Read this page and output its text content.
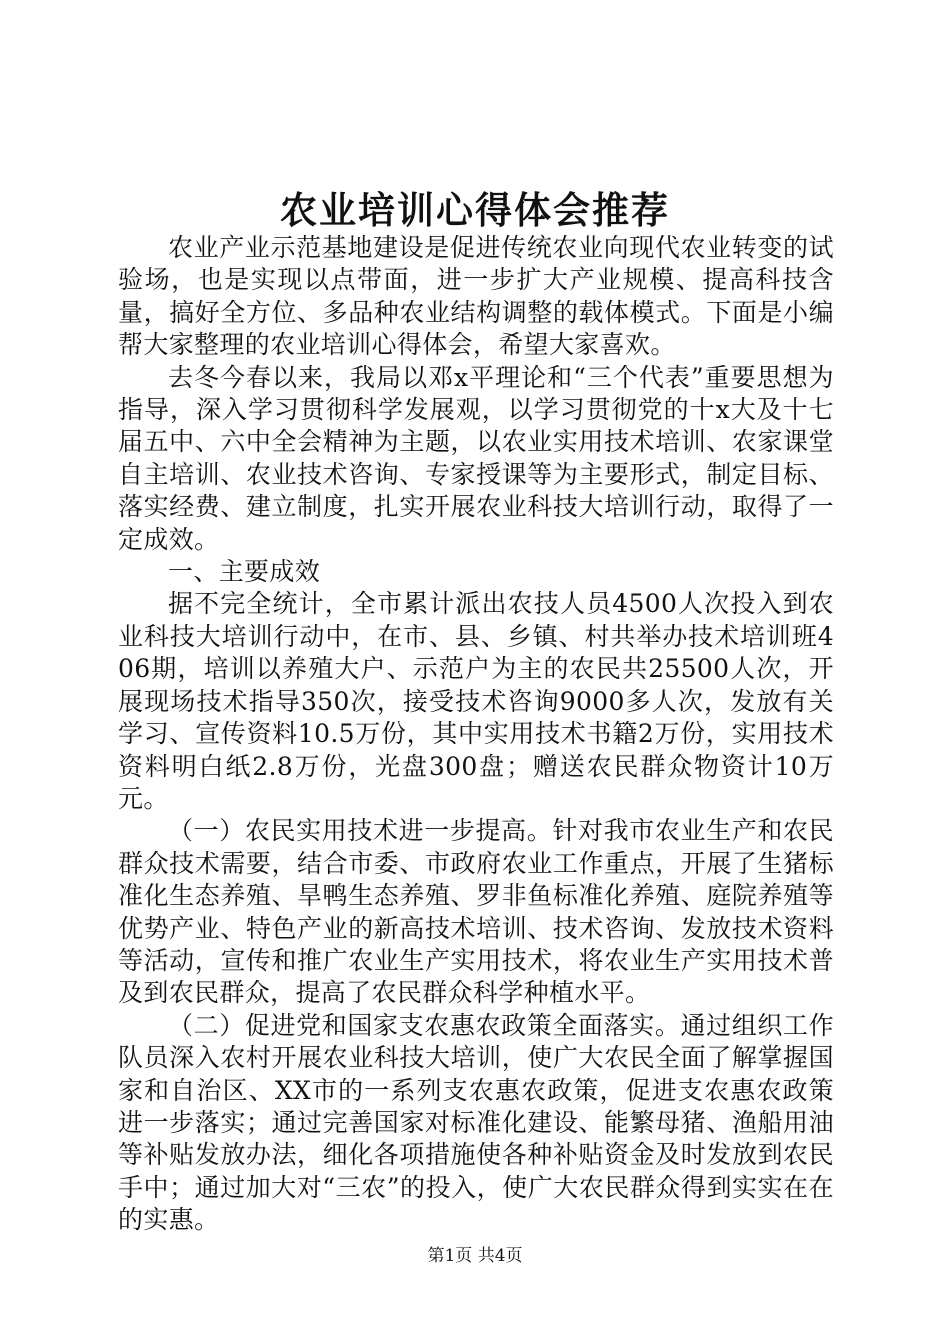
农业培训心得体会推荐

农业产业示范基地建设是促进传统农业向现代农业转变的试验场，也是实现以点带面，进一步扩大产业规模、提高科技含量，搞好全方位、多品种农业结构调整的载体模式。下面是小编帮大家整理的农业培训心得体会，希望大家喜欢。

去冬今春以来，我局以邓x平理论和“三个代表”重要思想为指导，深入学习贯彻科学发展观，以学习贯彻党的十x大及十七届五中、六中全会精神为主题，以农业实用技术培训、农家课堂自主培训、农业技术咨询、专家授课等为主要形式，制定目标、落实经费、建立制度，扎实开展农业科技大培训行动，取得了一定成效。

一、主要成效

据不完全统计，全市累计派出农技人员4500人次投入到农业科技大培训行动中，在市、县、乡镇、村共举办技术培训班406期，培训以养殖大户、示范户为主的农民共25500人次，开展现场技术指导350次，接受技术咨询9000多人次，发放有关学习、宣传资料10.5万份，其中实用技术书籍2万份，实用技术资料明白纸2.8万份，光盘300盘；赠送农民群众物资计10万元。

（一）农民实用技术进一步提高。针对我市农业生产和农民群众技术需要，结合市委、市政府农业工作重点，开展了生猪标准化生态养殖、旱鸭生态养殖、罗非鱼标准化养殖、庭院养殖等优势产业、特色产业的新高技术培训、技术咨询、发放技术资料等活动，宣传和推广农业生产实用技术，将农业生产实用技术普及到农民群众，提高了农民群众科学种植水平。

（二）促进党和国家支农惠农政策全面落实。通过组织工作队员深入农村开展农业科技大培训，使广大农民全面了解掌握国家和自治区、XX市的一系列支农惠农政策，促进支农惠农政策进一步落实；通过完善国家对标准化建设、能繁母猪、渔船用油等补贴发放办法，细化各项措施使各种补贴资金及时发放到农民手中；通过加大对“三农”的投入，使广大农民群众得到实实在在的实惠。

第1页 共4页
